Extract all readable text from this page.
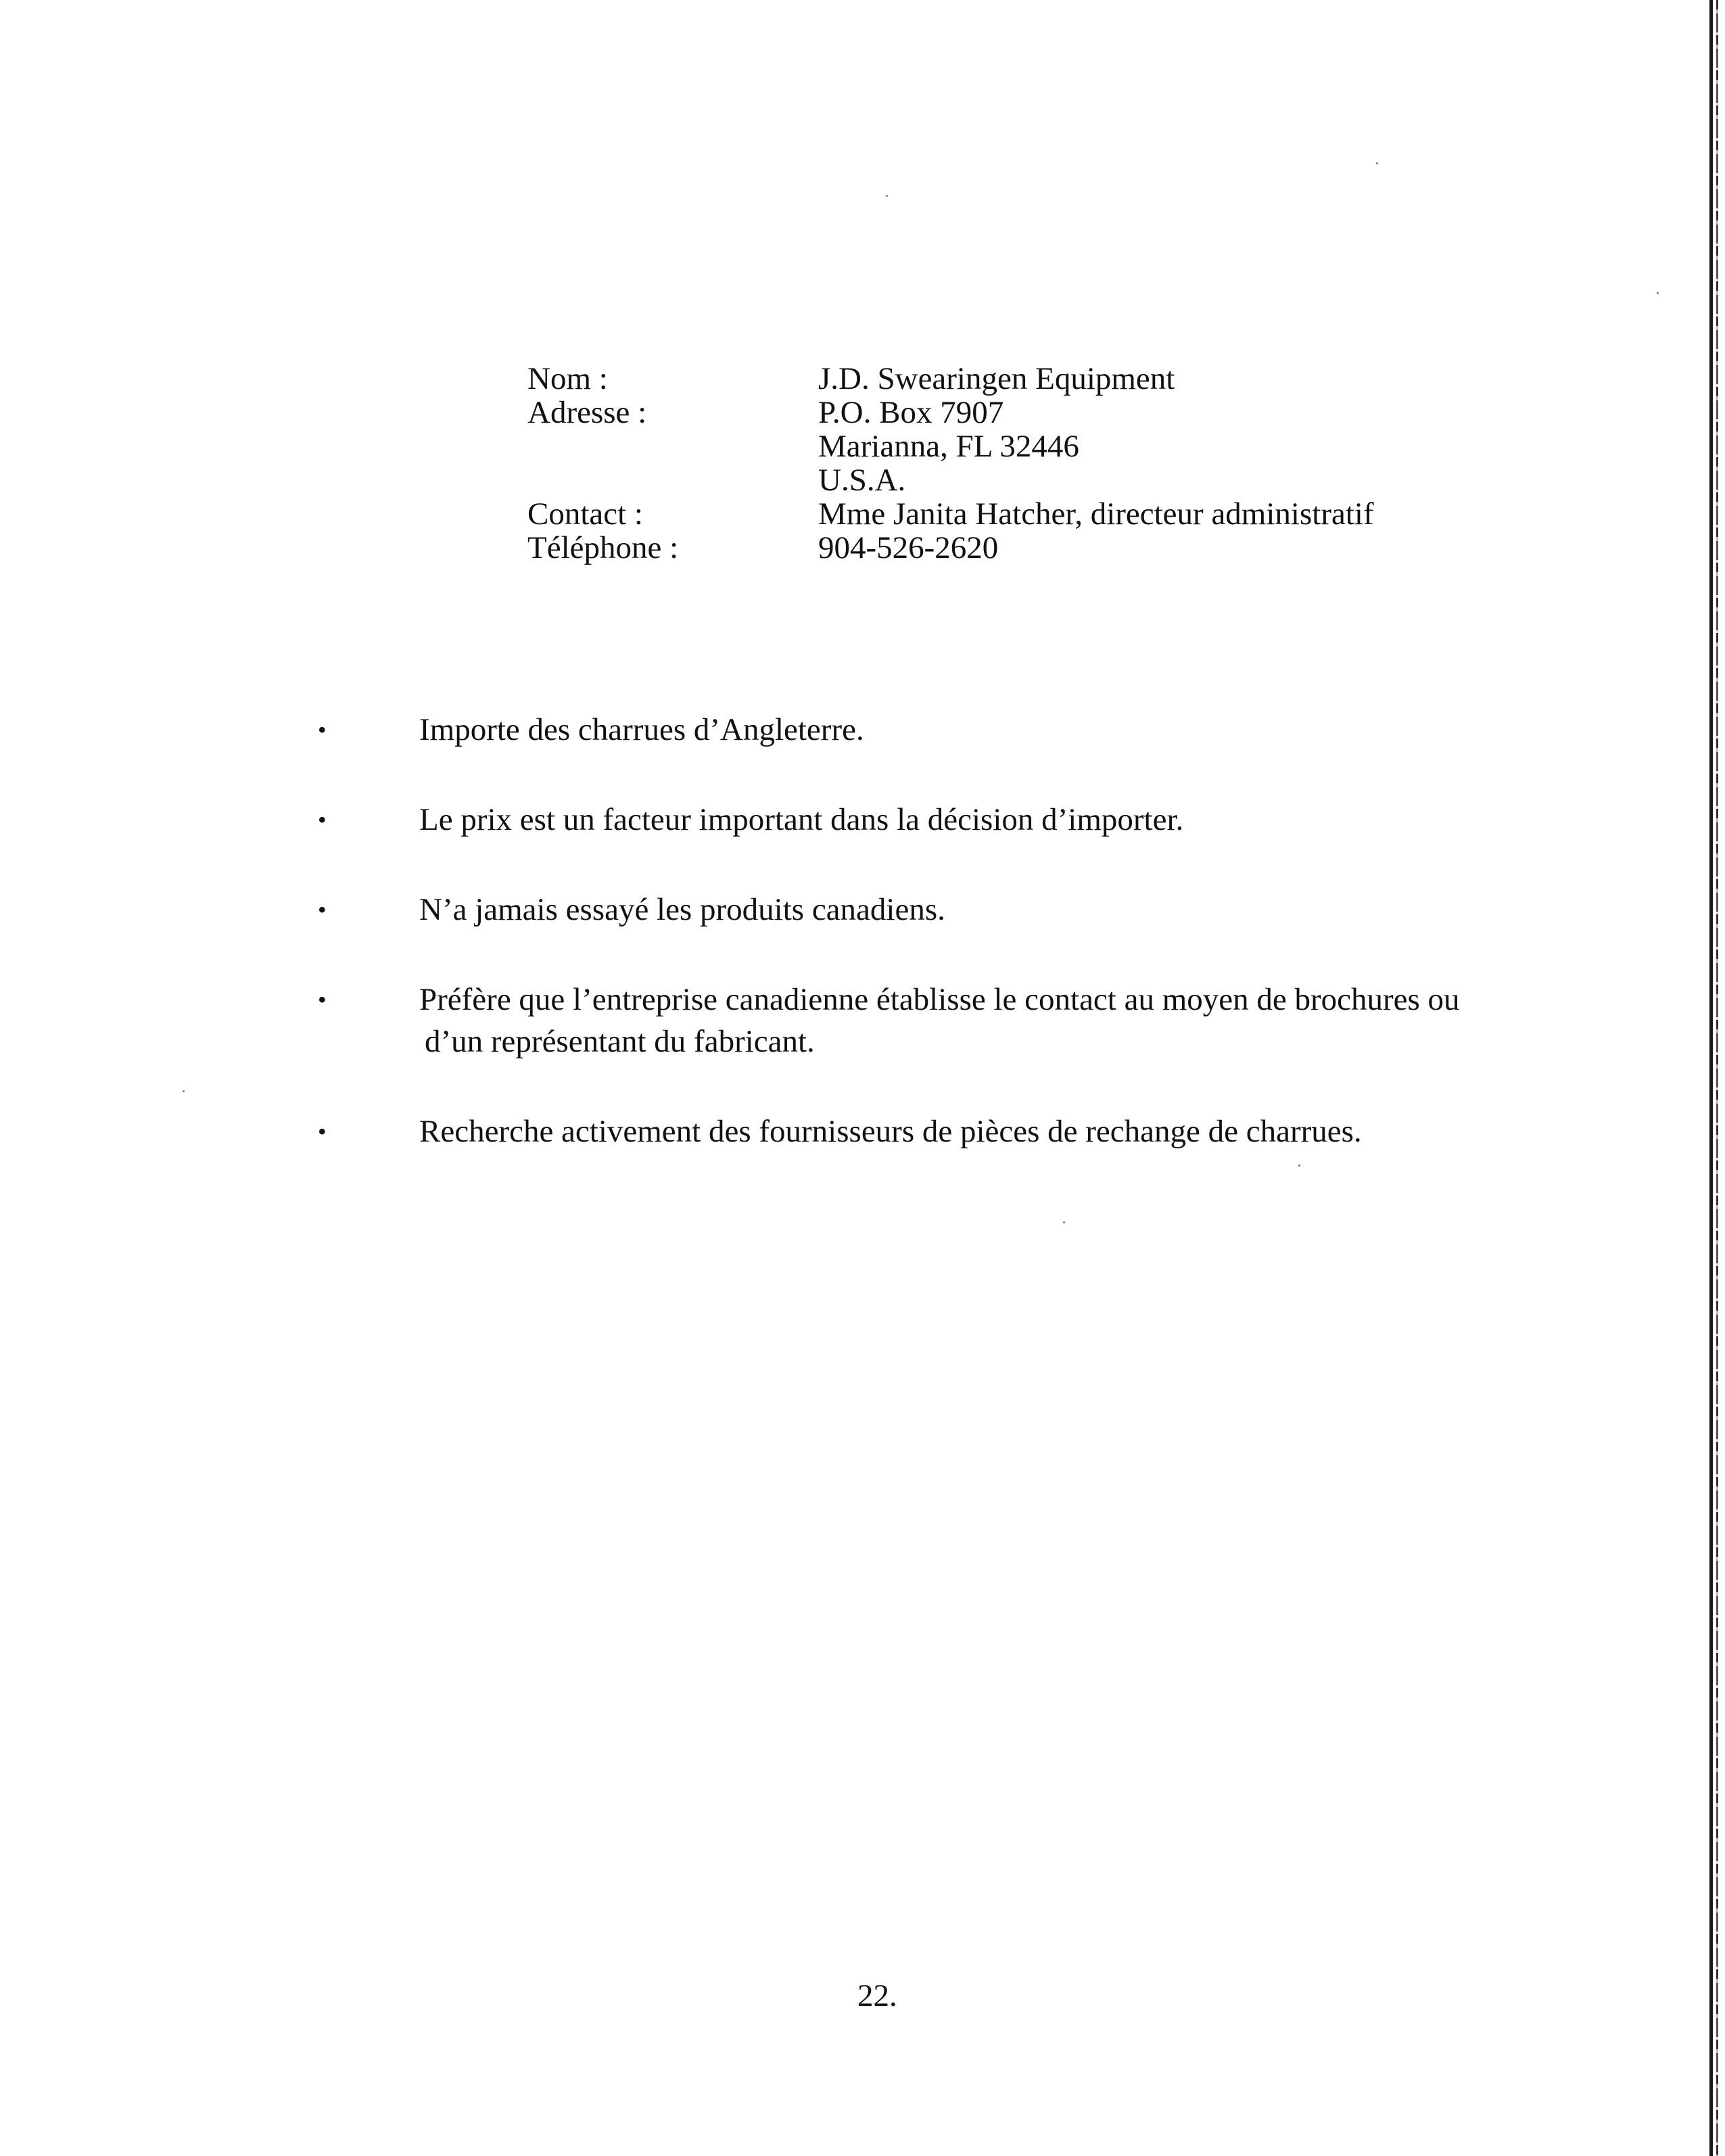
Nom :	J.D. Swearingen Equipment
Adresse :	P.O. Box 7907
Marianna, FL 32446
U.S.A.
Contact :	Mme Janita Hatcher, directeur administratif
Téléphone :	904-526-2620
•	Importe des charrues d’Angleterre.
•	Le prix est un facteur important dans la décision d’importer.
•	N’a jamais essayé les produits canadiens.
•	Préfère que l’entreprise canadienne établisse le contact au moyen de brochures ou
d’un représentant du fabricant.
•	Recherche activement des fournisseurs de pièces de rechange de charrues.
22.
